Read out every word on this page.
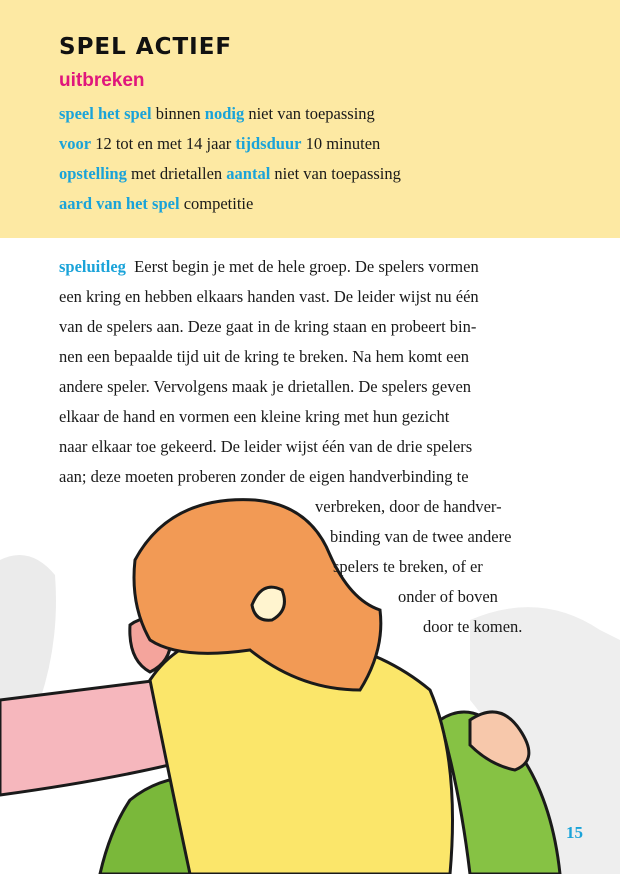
SPEL ACTIEF
uitbreken
speel het spel binnen nodig niet van toepassing
voor 12 tot en met 14 jaar tijdsduur 10 minuten
opstelling met drietallen aantal niet van toepassing
aard van het spel competitie
speluitleg Eerst begin je met de hele groep. De spelers vormen
een kring en hebben elkaars handen vast. De leider wijst nu één
van de spelers aan. Deze gaat in de kring staan en probeert bin-
nen een bepaalde tijd uit de kring te breken. Na hem komt een
andere speler. Vervolgens maak je drietallen. De spelers geven
elkaar de hand en vormen een kleine kring met hun gezicht
naar elkaar toe gekeerd. De leider wijst één van de drie spelers
aan; deze moeten proberen zonder de eigen handverbinding te
verbreken, door de handver-
binding van de twee andere
spelers te breken, of er
onder of boven
door te komen.
15
